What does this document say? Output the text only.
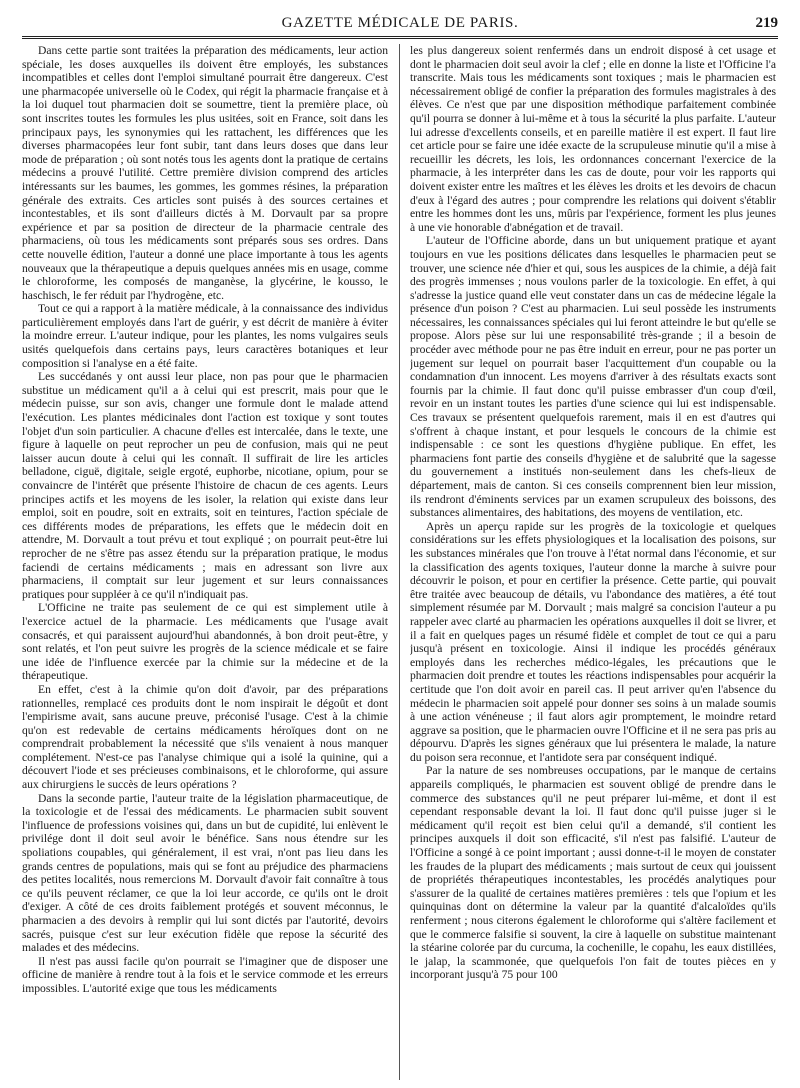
GAZETTE MÉDICALE DE PARIS.	219

Dans cette partie sont traitées la préparation des médicaments, leur action spéciale, les doses auxquelles ils doivent être employés, les substances incompatibles et celles dont l'emploi simultané pourrait être dangereux. C'est une pharmacopée universelle où le Codex, qui régit la pharmacie française et à la loi duquel tout pharmacien doit se soumettre, tient la première place, où sont inscrites toutes les formules les plus usitées, soit en France, soit dans les principaux pays, les synonymies qui les rattachent, les différences que les diverses pharmacopées leur font subir, tant dans leurs doses que dans leur mode de préparation ; où sont notés tous les agents dont la pratique de certains médecins a prouvé l'utilité. Cettre première division comprend des articles intéressants sur les baumes, les gommes, les gommes résines, la préparation générale des extraits. Ces articles sont puisés à des sources certaines et incontestables, et ils sont d'ailleurs dictés à M. Dorvault par sa propre expérience et par sa position de directeur de la pharmacie centrale des pharmaciens, où tous les médicaments sont préparés sous ses ordres. Dans cette nouvelle édition, l'auteur a donné une place importante à tous les agents nouveaux que la thérapeutique a depuis quelques années mis en usage, comme le chloroforme, les composés de manganèse, la glycérine, le kousso, le haschisch, le fer réduit par l'hydrogène, etc.

Tout ce qui a rapport à la matière médicale, à la connaissance des individus particulièrement employés dans l'art de guérir, y est décrit de manière à éviter la moindre erreur. L'auteur indique, pour les plantes, les noms vulgaires seuls usités quelquefois dans certains pays, leurs caractères botaniques et leur composition si l'analyse en a été faite.

Les succédanés y ont aussi leur place, non pas pour que le pharmacien substitue un médicament qu'il a à celui qui est prescrit, mais pour que le médecin puisse, sur son avis, changer une formule dont le malade attend l'exécution. Les plantes médicinales dont l'action est toxique y sont toutes l'objet d'un soin particulier. A chacune d'elles est intercalée, dans le texte, une figure à laquelle on peut reprocher un peu de confusion, mais qui ne peut laisser aucun doute à celui qui les connaît. Il suffirait de lire les articles belladone, ciguë, digitale, seigle ergoté, euphorbe, nicotiane, opium, pour se convaincre de l'intérêt que présente l'histoire de chacun de ces agents. Leurs principes actifs et les moyens de les isoler, la relation qui existe dans leur emploi, soit en poudre, soit en extraits, soit en teintures, l'action spéciale de ces différents modes de préparations, les effets que le médecin doit en attendre, M. Dorvault a tout prévu et tout expliqué ; on pourrait peut-être lui reprocher de ne s'être pas assez étendu sur la préparation pratique, le modus faciendi de certains médicaments ; mais en adressant son livre aux pharmaciens, il comptait sur leur jugement et sur leurs connaissances pratiques pour suppléer à ce qu'il n'indiquait pas.

L'Officine ne traite pas seulement de ce qui est simplement utile à l'exercice actuel de la pharmacie. Les médicaments que l'usage avait consacrés, et qui paraissent aujourd'hui abandonnés, à bon droit peut-être, y sont relatés, et l'on peut suivre les progrès de la science médicale et se faire une idée de l'influence exercée par la chimie sur la médecine et de la thérapeutique.

En effet, c'est à la chimie qu'on doit d'avoir, par des préparations rationnelles, remplacé ces produits dont le nom inspirait le dégoût et dont l'empirisme avait, sans aucune preuve, préconisé l'usage. C'est à la chimie qu'on est redevable de certains médicaments héroïques dont on ne comprendrait probablement la nécessité que s'ils venaient à nous manquer complétement. N'est-ce pas l'analyse chimique qui a isolé la quinine, qui a découvert l'iode et ses précieuses combinaisons, et le chloroforme, qui assure aux chirurgiens le succès de leurs opérations ?

Dans la seconde partie, l'auteur traite de la législation pharmaceutique, de la toxicologie et de l'essai des médicaments. Le pharmacien subit souvent l'influence de professions voisines qui, dans un but de cupidité, lui enlèvent le privilége dont il doit seul avoir le bénéfice. Sans nous étendre sur les spoliations coupables, qui généralement, il est vrai, n'ont pas lieu dans les grands centres de populations, mais qui se font au préjudice des pharmaciens des petites localités, nous remercions M. Dorvault d'avoir fait connaître à tous ce qu'ils peuvent réclamer, ce que la loi leur accorde, ce qu'ils ont le droit d'exiger. A côté de ces droits faiblement protégés et souvent méconnus, le pharmacien a des devoirs à remplir qui lui sont dictés par l'autorité, devoirs sacrés, puisque c'est sur leur exécution fidèle que repose la sécurité des malades et des médecins.

Il n'est pas aussi facile qu'on pourrait se l'imaginer que de disposer une officine de manière à rendre tout à la fois et le service commode et les erreurs impossibles. L'autorité exige que tous les médicaments

les plus dangereux soient renfermés dans un endroit disposé à cet usage et dont le pharmacien doit seul avoir la clef ; elle en donne la liste et l'Officine l'a transcrite. Mais tous les médicaments sont toxiques ; mais le pharmacien est nécessairement obligé de confier la préparation des formules magistrales à des élèves. Ce n'est que par une disposition méthodique parfaitement combinée qu'il pourra se donner à lui-même et à tous la sécurité la plus parfaite. L'auteur lui adresse d'excellents conseils, et en pareille matière il est expert. Il faut lire cet article pour se faire une idée exacte de la scrupuleuse minutie qu'il a mise à recueillir les décrets, les lois, les ordonnances concernant l'exercice de la pharmacie, à les interpréter dans les cas de doute, pour voir les rapports qui doivent exister entre les maîtres et les élèves les droits et les devoirs de chacun d'eux à l'égard des autres ; pour comprendre les relations qui doivent s'établir entre les hommes dont les uns, mûris par l'expérience, forment les plus jeunes à une vie honorable d'abnégation et de travail.

L'auteur de l'Officine aborde, dans un but uniquement pratique et ayant toujours en vue les positions délicates dans lesquelles le pharmacien peut se trouver, une science née d'hier et qui, sous les auspices de la chimie, a déjà fait des progrès immenses ; nous voulons parler de la toxicologie. En effet, à qui s'adresse la justice quand elle veut constater dans un cas de médecine légale la présence d'un poison ? C'est au pharmacien. Lui seul possède les instruments nécessaires, les connaissances spéciales qui lui feront atteindre le but qu'elle se propose. Alors pèse sur lui une responsabilité très-grande ; il a besoin de procéder avec méthode pour ne pas être induit en erreur, pour ne pas porter un jugement sur lequel on pourrait baser l'acquittement d'un coupable ou la condamnation d'un innocent. Les moyens d'arriver à des résultats exacts sont fournis par la chimie. Il faut donc qu'il puisse embrasser d'un coup d'œil, revoir en un instant toutes les parties d'une science qui lui est indispensable. Ces travaux se présentent quelquefois rarement, mais il en est d'autres qui s'offrent à chaque instant, et pour lesquels le concours de la chimie est indispensable : ce sont les questions d'hygiène publique. En effet, les pharmaciens font partie des conseils d'hygiène et de salubrité que la sagesse du gouvernement a institués non-seulement dans les chefs-lieux de département, mais de canton. Si ces conseils comprennent bien leur mission, ils rendront d'éminents services par un examen scrupuleux des boissons, des substances alimentaires, des habitations, des moyens de ventilation, etc.

Après un aperçu rapide sur les progrès de la toxicologie et quelques considérations sur les effets physiologiques et la localisation des poisons, sur les substances minérales que l'on trouve à l'état normal dans l'économie, et sur la classification des agents toxiques, l'auteur donne la marche à suivre pour découvrir le poison, et pour en certifier la présence. Cette partie, qui pouvait être traitée avec beaucoup de détails, vu l'abondance des matières, a été tout simplement résumée par M. Dorvault ; mais malgré sa concision l'auteur a pu rappeler avec clarté au pharmacien les opérations auxquelles il doit se livrer, et il a fait en quelques pages un résumé fidèle et complet de tout ce qui a paru jusqu'à présent en toxicologie. Ainsi il indique les procédés généraux employés dans les recherches médico-légales, les précautions que le pharmacien doit prendre et toutes les réactions indispensables pour acquérir la certitude que l'on doit avoir en pareil cas. Il peut arriver qu'en l'absence du médecin le pharmacien soit appelé pour donner ses soins à un malade soumis à une action vénéneuse ; il faut alors agir promptement, le moindre retard aggrave sa position, que le pharmacien ouvre l'Officine et il ne sera pas pris au dépourvu. D'après les signes généraux que lui présentera le malade, la nature du poison sera reconnue, et l'antidote sera par conséquent indiqué.

Par la nature de ses nombreuses occupations, par le manque de certains appareils compliqués, le pharmacien est souvent obligé de prendre dans le commerce des substances qu'il ne peut préparer lui-même, et dont il est cependant responsable devant la loi. Il faut donc qu'il puisse juger si le médicament qu'il reçoit est bien celui qu'il a demandé, s'il contient les principes auxquels il doit son efficacité, s'il n'est pas falsifié. L'auteur de l'Officine a songé à ce point important ; aussi donne-t-il le moyen de constater les fraudes de la plupart des médicaments ; mais surtout de ceux qui jouissent de propriétés thérapeutiques incontestables, les procédés analytiques pour s'assurer de la qualité de certaines matières premières : tels que l'opium et les quinquinas dont on détermine la valeur par la quantité d'alcaloïdes qu'ils renferment ; nous citerons également le chloroforme qui s'altère facilement et que le commerce falsifie si souvent, la cire à laquelle on substitue maintenant la stéarine colorée par du curcuma, la cochenille, le copahu, les eaux distillées, le jalap, la scammonée, que quelquefois l'on fait de toutes pièces en y incorporant jusqu'à 75 pour 100
